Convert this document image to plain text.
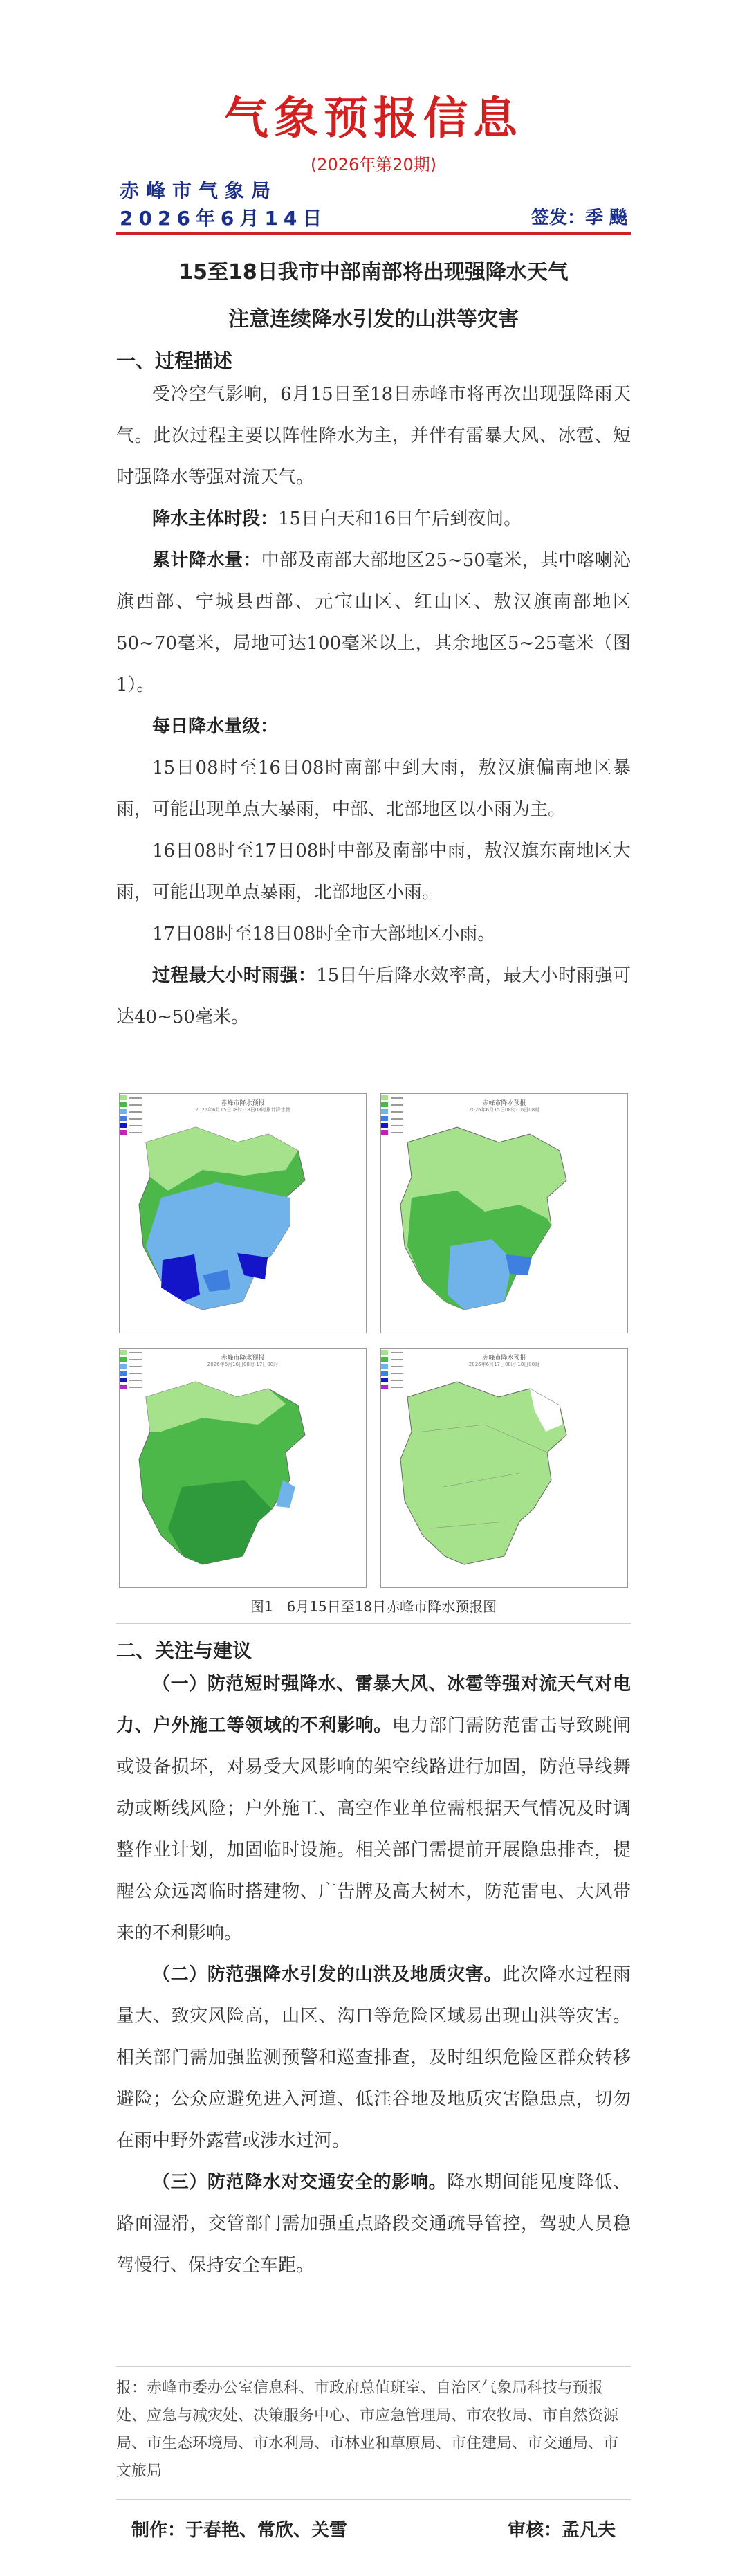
气象预报信息
(2026年第20期)
赤峰市气象局
2026年6月14日	签发：季 飈
15至18日我市中部南部将出现强降水天气
注意连续降水引发的山洪等灾害
一、过程描述
受冷空气影响，6月15日至18日赤峰市将再次出现强降雨天气。此次过程主要以阵性降水为主，并伴有雷暴大风、冰雹、短时强降水等强对流天气。
降水主体时段：15日白天和16日午后到夜间。
累计降水量：中部及南部大部地区25~50毫米，其中喀喇沁旗西部、宁城县西部、元宝山区、红山区、敖汉旗南部地区50~70毫米，局地可达100毫米以上，其余地区5~25毫米（图1）。
每日降水量级：
15日08时至16日08时南部中到大雨，敖汉旗偏南地区暴雨，可能出现单点大暴雨，中部、北部地区以小雨为主。
16日08时至17日08时中部及南部中雨，敖汉旗东南地区大雨，可能出现单点暴雨，北部地区小雨。
17日08时至18日08时全市大部地区小雨。
过程最大小时雨强：15日午后降水效率高，最大小时雨强可达40~50毫米。
赤峰市降水预报
2026年6月15日08时-18日08时累计降水量
赤峰市降水预报
2026年6月15日08时-16日08时
赤峰市降水预报
2026年6月16日08时-17日08时
赤峰市降水预报
2026年6月17日08时-18日08时
图1　6月15日至18日赤峰市降水预报图
二、关注与建议
（一）防范短时强降水、雷暴大风、冰雹等强对流天气对电力、户外施工等领域的不利影响。电力部门需防范雷击导致跳闸或设备损坏，对易受大风影响的架空线路进行加固，防范导线舞动或断线风险；户外施工、高空作业单位需根据天气情况及时调整作业计划，加固临时设施。相关部门需提前开展隐患排查，提醒公众远离临时搭建物、广告牌及高大树木，防范雷电、大风带来的不利影响。
（二）防范强降水引发的山洪及地质灾害。此次降水过程雨量大、致灾风险高，山区、沟口等危险区域易出现山洪等灾害。相关部门需加强监测预警和巡查排查，及时组织危险区群众转移避险；公众应避免进入河道、低洼谷地及地质灾害隐患点，切勿在雨中野外露营或涉水过河。
（三）防范降水对交通安全的影响。降水期间能见度降低、路面湿滑，交管部门需加强重点路段交通疏导管控，驾驶人员稳驾慢行、保持安全车距。
报：赤峰市委办公室信息科、市政府总值班室、自治区气象局科技与预报处、应急与减灾处、决策服务中心、市应急管理局、市农牧局、市自然资源局、市生态环境局、市水利局、市林业和草原局、市住建局、市交通局、市文旅局
制作：于春艳、常欣、关雪	审核：孟凡夫
